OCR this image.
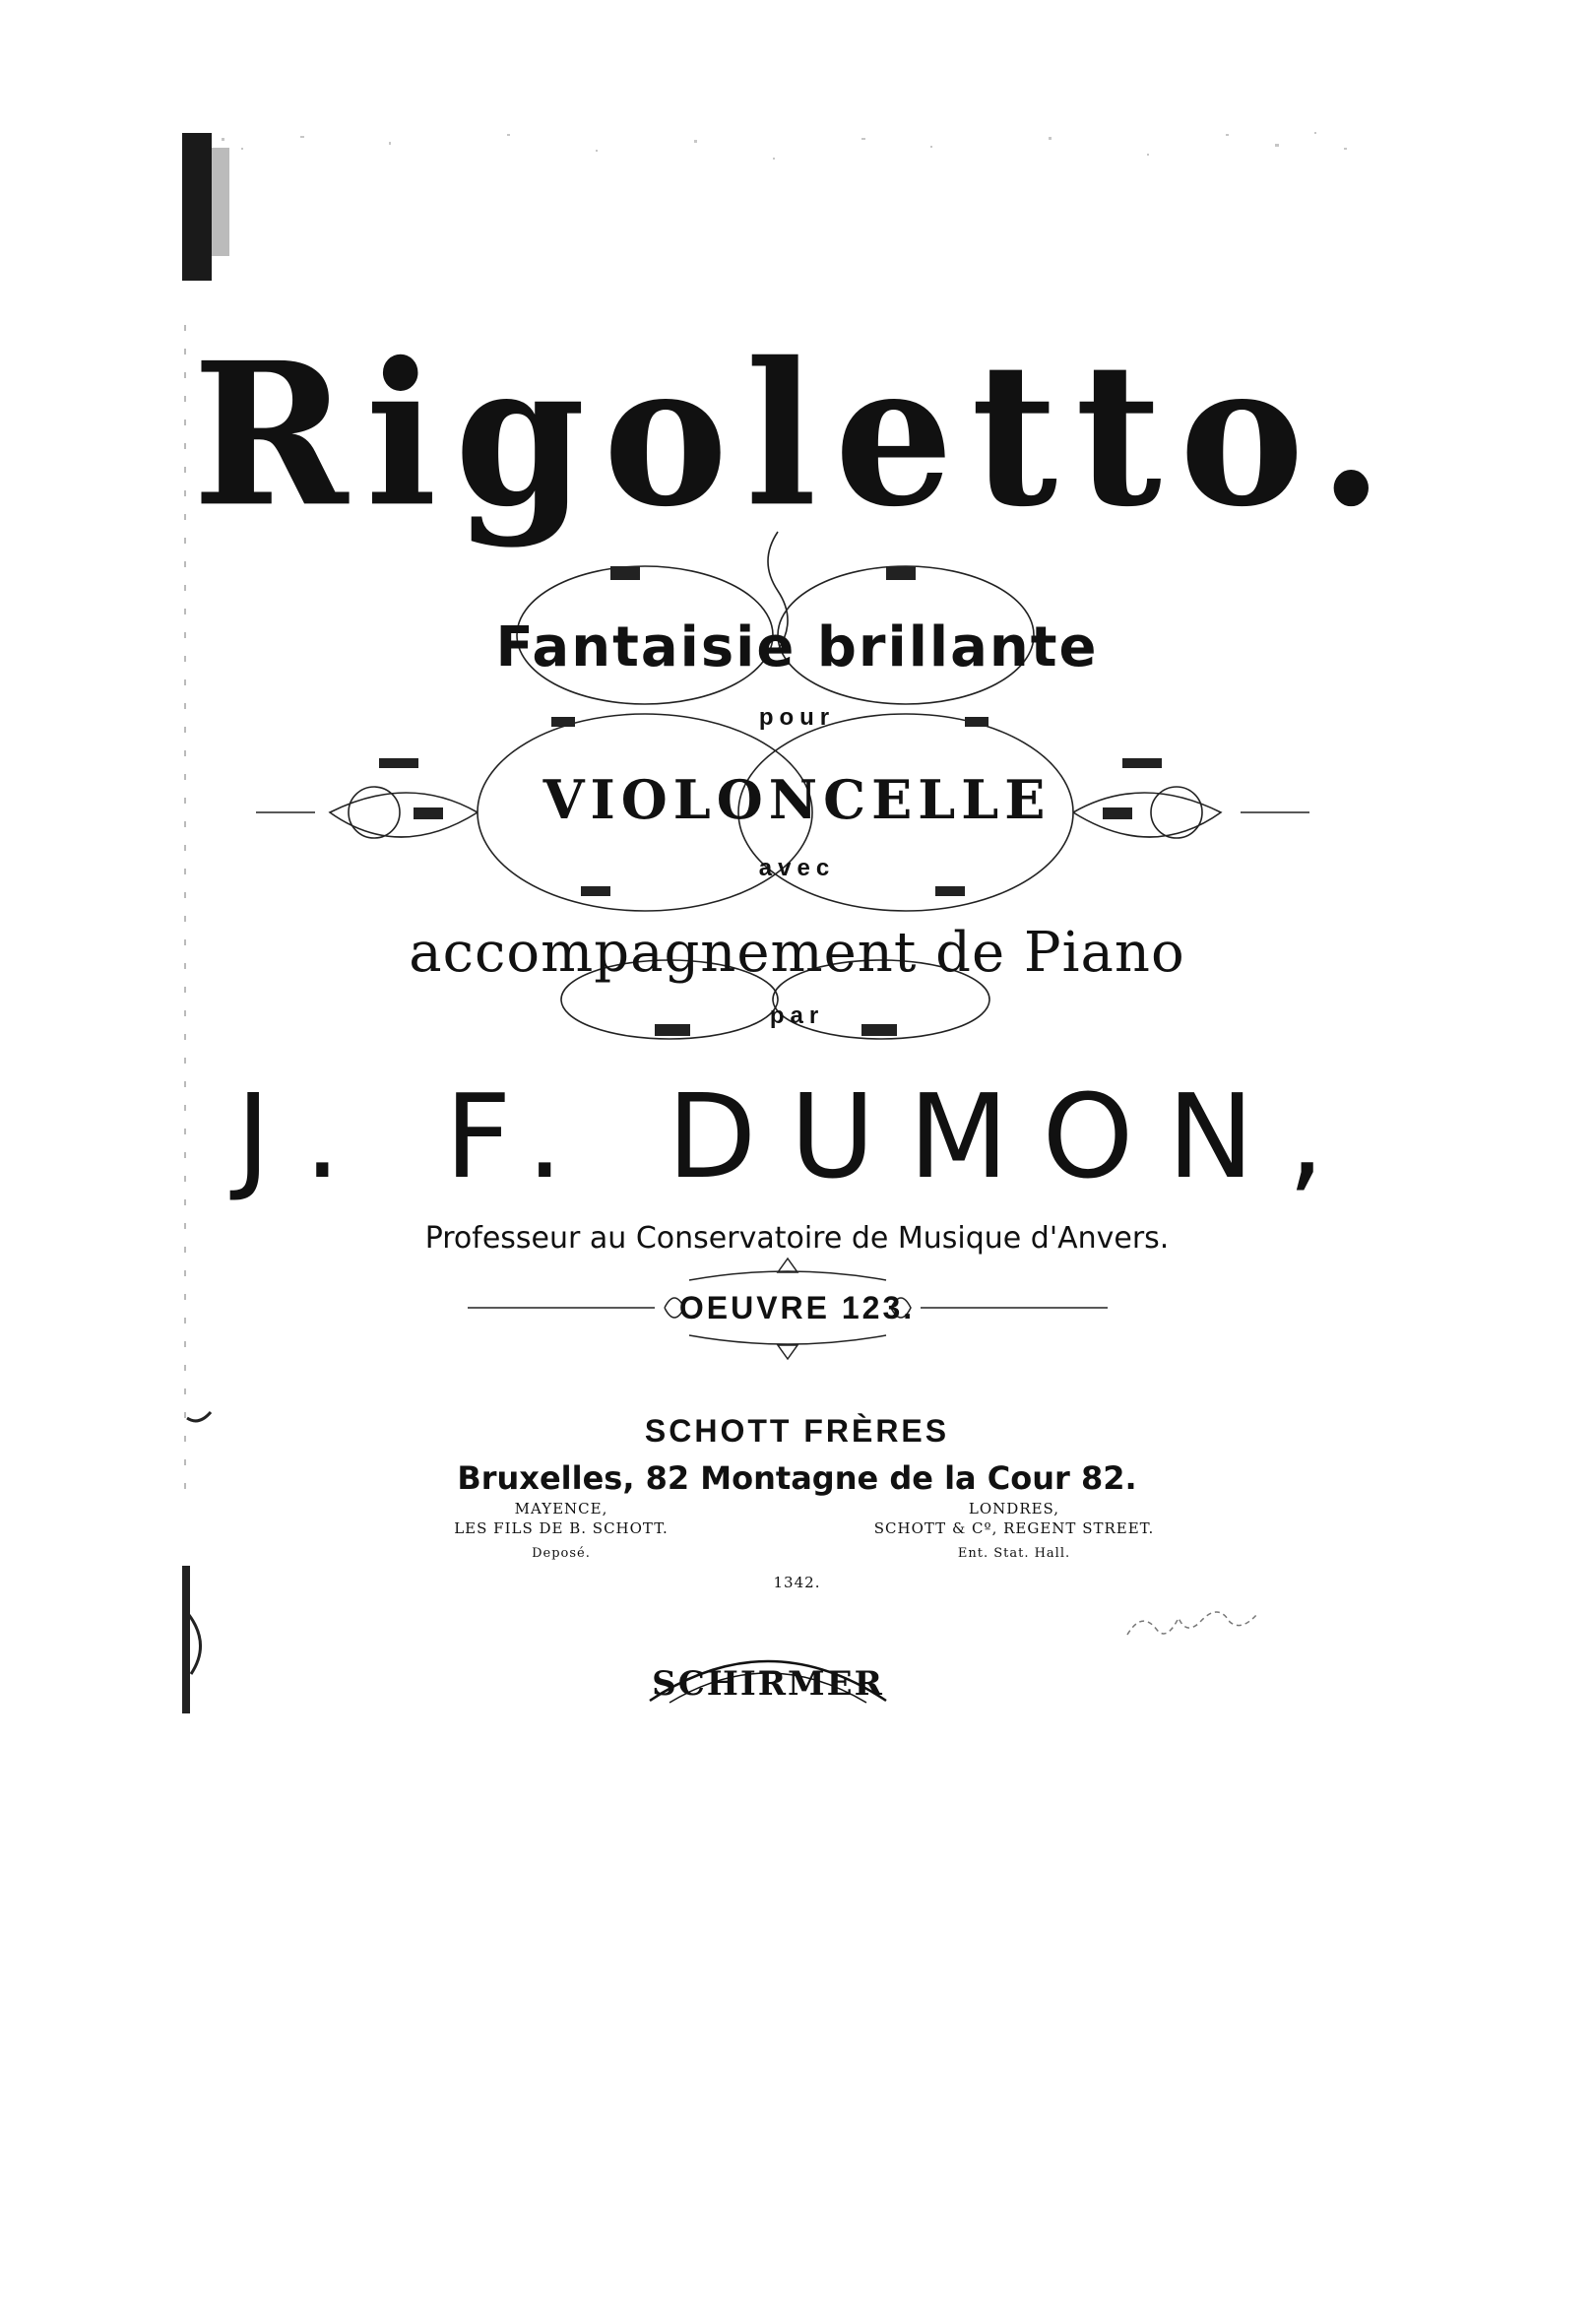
Rigoletto.
Fantaisie brillante
pour
VIOLONCELLE
avec
accompagnement de Piano
par
J. F. DUMON,
Professeur au Conservatoire de Musique d'Anvers.
OEUVRE 123.
SCHOTT FRÈRES
Bruxelles, 82 Montagne de la Cour 82.
MAYENCE,
LES FILS DE B. SCHOTT.
Deposé.
LONDRES,
SCHOTT & Cº, REGENT STREET.
Ent. Stat. Hall.
1342.
SCHIRMER
